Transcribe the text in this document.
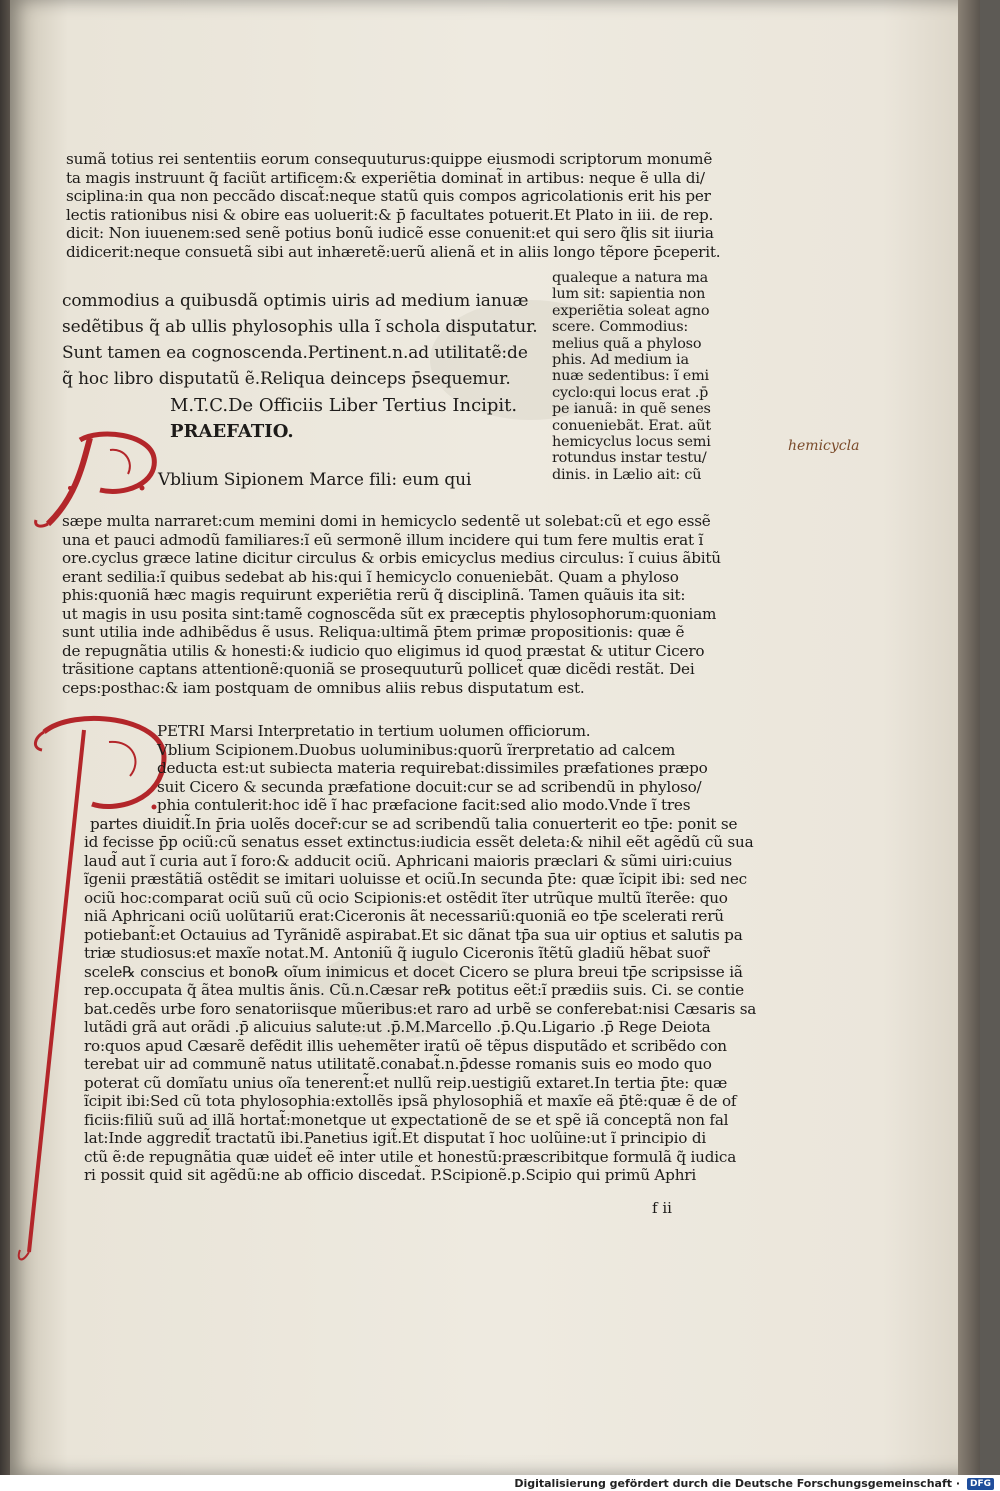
sumã totius rei sententiis eorum consequuturus:quippe eiusmodi scriptorum monumẽ
ta magis instruunt q̃ faciũt artificem:& experiẽtia dominat̃ in artibus: neque ẽ ulla di/
sciplina:in qua non peccãdo discat̃:neque statũ quis compos agricolationis erit his per
lectis rationibus nisi & obire eas uoluerit:& p̄ facultates potuerit.Et Plato in iii. de rep.
dicit: Non iuuenem:sed senẽ potius bonũ iudicẽ esse conuenit:et qui sero q̃lis sit iiuria
didicerit:neque consuetã sibi aut inhæretẽ:uerũ alienã et in aliis longo tẽpore p̄ceperit.
commodius a quibusdã optimis uiris ad medium ianuæ
sedẽtibus q̃ ab ullis phylosophis ulla ĩ schola disputatur.
Sunt tamen ea cognoscenda.Pertinent.n.ad utilitatẽ:de
q̃ hoc libro disputatũ ẽ.Reliqua deinceps p̄sequemur.
M.T.C.De Officiis Liber Tertius Incipit.
PRAEFATIO.
Vblium Sipionem Marce fili: eum qui
qualeque a natura ma
lum sit: sapientia non
experiẽtia soleat agno
scere. Commodius:
melius quã a phyloso
phis. Ad medium ia
nuæ sedentibus: ĩ emi
cyclo:qui locus erat .p̄
pe ianuã: in quẽ senes
conueniebãt. Erat. aũt
hemicyclus locus semi
rotundus instar testu/
dinis. in Lælio ait: cũ
sæpe multa narraret:cum memini domi in hemicyclo sedentẽ ut solebat:cũ et ego essẽ
una et pauci admodũ familiares:ĩ eũ sermonẽ illum incidere qui tum fere multis erat ĩ
ore.cyclus græce latine dicitur circulus & orbis emicyclus medius circulus: ĩ cuius ãbitũ
erant sedilia:ĩ quibus sedebat ab his:qui ĩ hemicyclo conueniebãt. Quam a phyloso
phis:quoniã hæc magis requirunt experiẽtia rerũ q̃ disciplinã. Tamen quãuis ita sit:
ut magis in usu posita sint:tamẽ cognoscẽda sũt ex præceptis phylosophorum:quoniam
sunt utilia inde adhibẽdus ẽ usus. Reliqua:ultimã p̄tem primæ propositionis: quæ ẽ
de repugnãtia utilis & honesti:& iudicio quo eligimus id quod præstat & utitur Cicero
trãsitione captans attentionẽ:quoniã se prosequuturũ pollicet̃ quæ dicẽdi restãt. Dei
ceps:posthac:& iam postquam de omnibus aliis rebus disputatum est.
PETRI Marsi Interpretatio in tertium uolumen officiorum.
Vblium Scipionem.Duobus uoluminibus:quorũ ĩrerpretatio ad calcem
deducta est:ut subiecta materia requirebat:dissimiles præfationes præpo
suit Cicero & secunda præfatione docuit:cur se ad scribendũ in phyloso/
phia contulerit:hoc idẽ ĩ hac præfacione facit:sed alio modo.Vnde ĩ tres
partes diuidit̃.In p̄ria uolẽs docer̃:cur se ad scribendũ talia conuerterit eo tp̄e: ponit se
id fecisse p̄p ociũ:cũ senatus esset extinctus:iudicia essẽt deleta:& nihil eẽt agẽdũ cũ sua
laud̃ aut ĩ curia aut ĩ foro:& adducit ociũ. Aphricani maioris præclari & sũmi uiri:cuius
ĩgenii præstãtiã ostẽdit se imitari uoluisse et ociũ.In secunda p̄te: quæ ĩcipit ibi: sed nec
ociũ hoc:comparat ociũ suũ cũ ocio Scipionis:et ostẽdit ĩter utrũque multũ ĩterẽe: quo
niã Aphricani ociũ uolũtariũ erat:Ciceronis ãt necessariũ:quoniã eo tp̄e scelerati rerũ
potiebant̃:et Octauius ad Tyrãnidẽ aspirabat.Et sic dãnat tp̄a sua uir optius et salutis pa
triæ studiosus:et maxĩe notat.M. Antoniũ q̃ iugulo Ciceronis ĩtẽtũ gladiũ hẽbat suor̃
scele℞ conscius et bono℞ oĩum inimicus et docet Cicero se plura breui tp̄e scripsisse iã
rep.occupata q̃ ãtea multis ãnis. Cũ.n.Cæsar re℞ potitus eẽt:ĩ prædiis suis. Ci. se contie
bat.cedẽs urbe foro senatoriisque mũeribus:et raro ad urbẽ se conferebat:nisi Cæsaris sa
lutãdi grã aut orãdi .p̄ alicuius salute:ut .p̄.M.Marcello .p̄.Qu.Ligario .p̄ Rege Deiota
ro:quos apud Cæsarẽ defẽdit illis uehemẽter iratũ oẽ tẽpus disputãdo et scribẽdo con
terebat uir ad communẽ natus utilitatẽ.conabat̃.n.p̄desse romanis suis eo modo quo
poterat cũ domĩatu unius oĩa tenerent̃:et nullũ reip.uestigiũ extaret.In tertia p̄te: quæ
ĩcipit ibi:Sed cũ tota phylosophia:extollẽs ipsã phylosophiã et maxĩe eã p̄tẽ:quæ ẽ de of
ficiis:filiũ suũ ad illã hortat̃:monetque ut expectationẽ de se et spẽ iã conceptã non fal
lat:Inde aggredit̃ tractatũ ibi.Panetius igit̃.Et disputat ĩ hoc uolũine:ut ĩ principio di
ctũ ẽ:de repugnãtia quæ uidet̃ eẽ inter utile et honestũ:præscribitque formulã q̃ iudica
ri possit quid sit agẽdũ:ne ab officio discedat̃. P.Scipionẽ.p.Scipio qui primũ Aphri
f ii
hemicycla
Digitalisierung gefördert durch die Deutsche Forschungsgemeinschaft ·	DFG
